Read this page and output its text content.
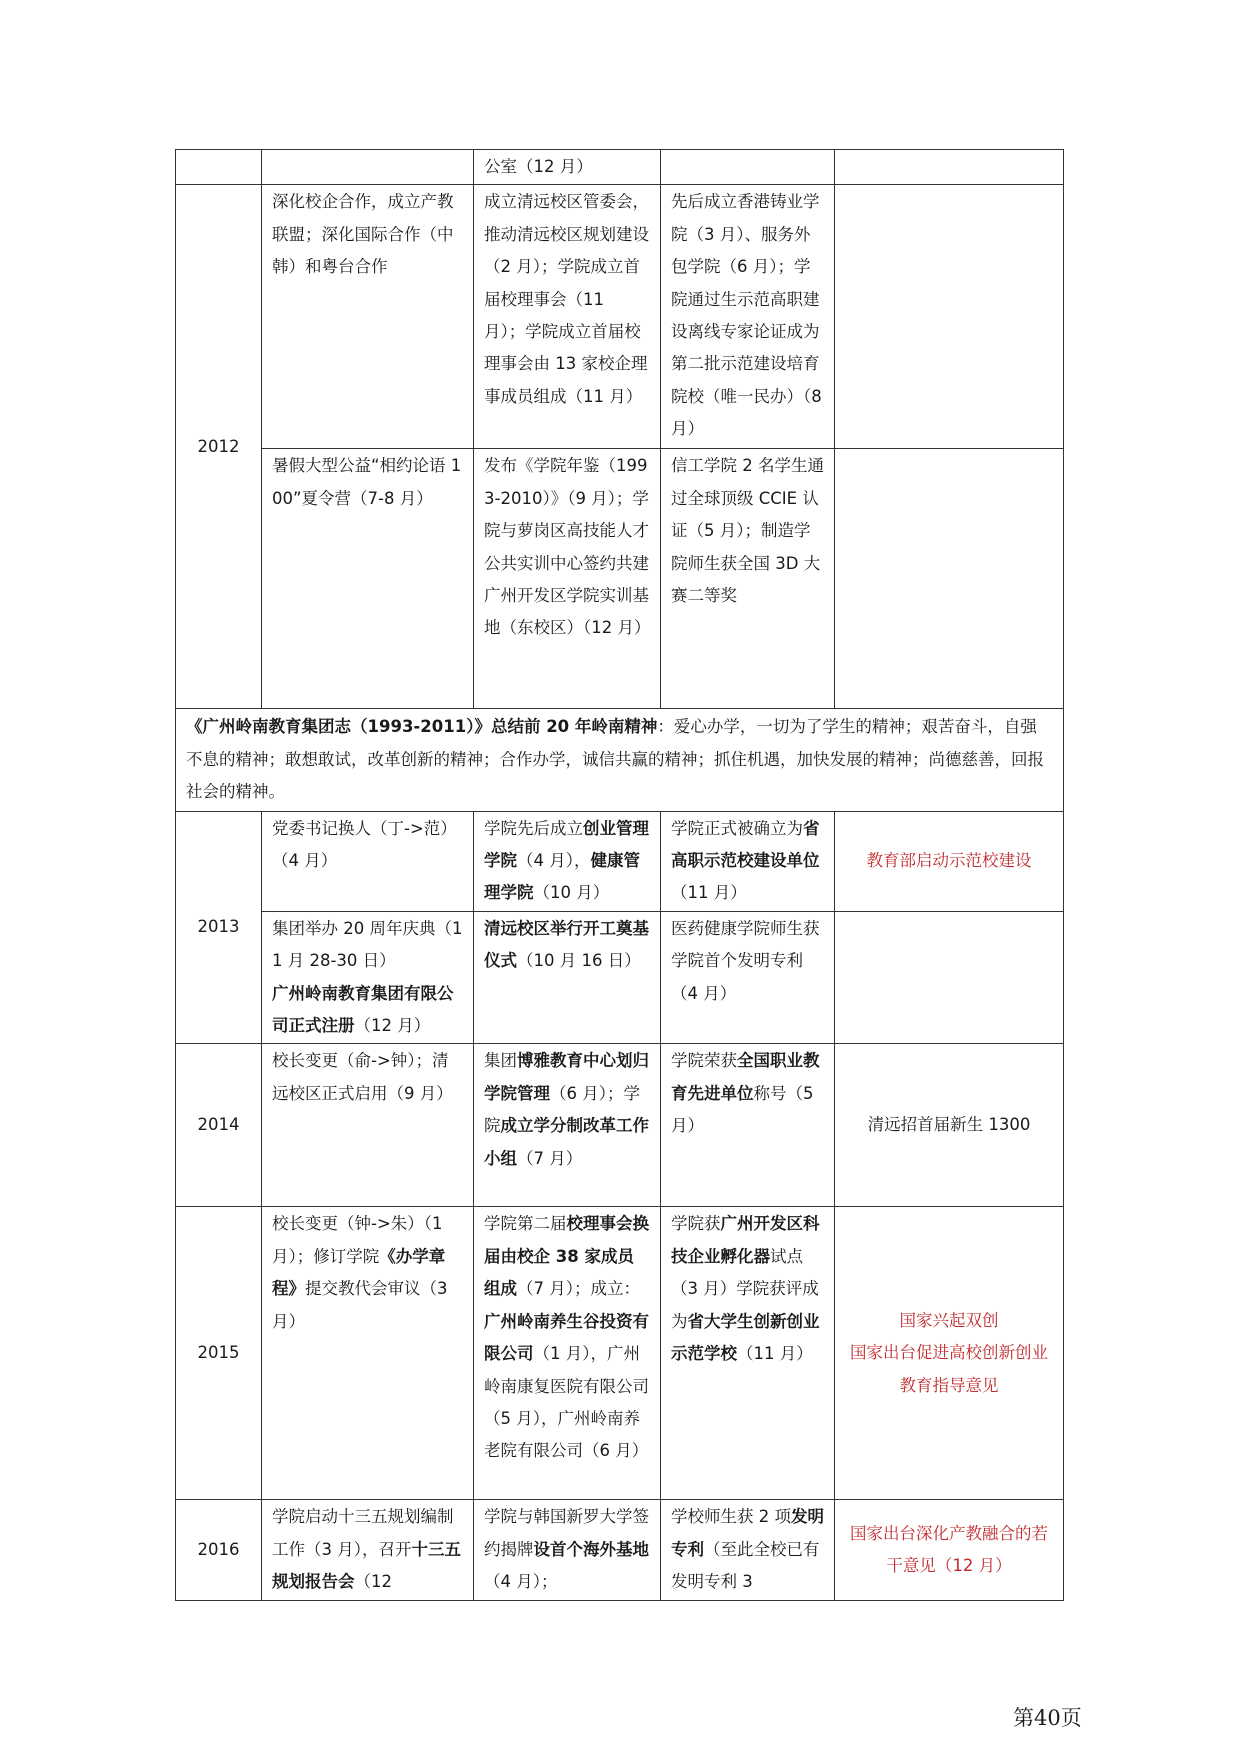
		公室（12 月）		
2012	深化校企合作，成立产教联盟；深化国际合作（中韩）和粤台合作	成立清远校区管委会，推动清远校区规划建设（2 月）；学院成立首届校理事会（11 月）；学院成立首届校理事会由 13 家校企理事成员组成（11 月）	先后成立香港铸业学院（3 月）、服务外包学院（6 月）；学院通过生示范高职建设离线专家论证成为第二批示范建设培育院校（唯一民办）（8 月）	
	暑假大型公益“相约论语 100”夏令营（7-8 月）	发布《学院年鉴（1993-2010）》（9 月）；学院与萝岗区高技能人才公共实训中心签约共建广州开发区学院实训基地（东校区）（12 月）	信工学院 2 名学生通过全球顶级 CCIE 认证（5 月）；制造学院师生获全国 3D 大赛二等奖	
《广州岭南教育集团志（1993-2011）》总结前 20 年岭南精神：爱心办学，一切为了学生的精神；艰苦奋斗，自强不息的精神；敢想敢试，改革创新的精神；合作办学，诚信共赢的精神；抓住机遇，加快发展的精神；尚德慈善，回报社会的精神。				
2013	党委书记换人（丁->范）（4 月）	学院先后成立创业管理学院（4 月），健康管理学院（10 月）	学院正式被确立为省高职示范校建设单位（11 月）	教育部启动示范校建设
	集团举办 20 周年庆典（11 月 28-30 日）
广州岭南教育集团有限公司正式注册（12 月）	清远校区举行开工奠基仪式（10 月 16 日）	医药健康学院师生获学院首个发明专利（4 月）	
2014	校长变更（俞->钟）；清远校区正式启用（9 月）	集团博雅教育中心划归学院管理（6 月）；学院成立学分制改革工作小组（7 月）	学院荣获全国职业教育先进单位称号（5 月）	清远招首届新生 1300
2015	校长变更（钟->朱）（1 月）；修订学院《办学章程》提交教代会审议（3 月）	学院第二届校理事会换届由校企 38 家成员组成（7 月）；成立：广州岭南养生谷投资有限公司（1 月），广州岭南康复医院有限公司（5 月），广州岭南养老院有限公司（6 月）	学院获广州开发区科技企业孵化器试点（3 月）学院获评成为省大学生创新创业示范学校（11 月）	国家兴起双创
国家出台促进高校创新创业教育指导意见
2016	学院启动十三五规划编制工作（3 月），召开十三五规划报告会（12	学院与韩国新罗大学签约揭牌设首个海外基地（4 月）；	学校师生获 2 项发明专利（至此全校已有发明专利 3	国家出台深化产教融合的若干意见（12 月）
第40页
